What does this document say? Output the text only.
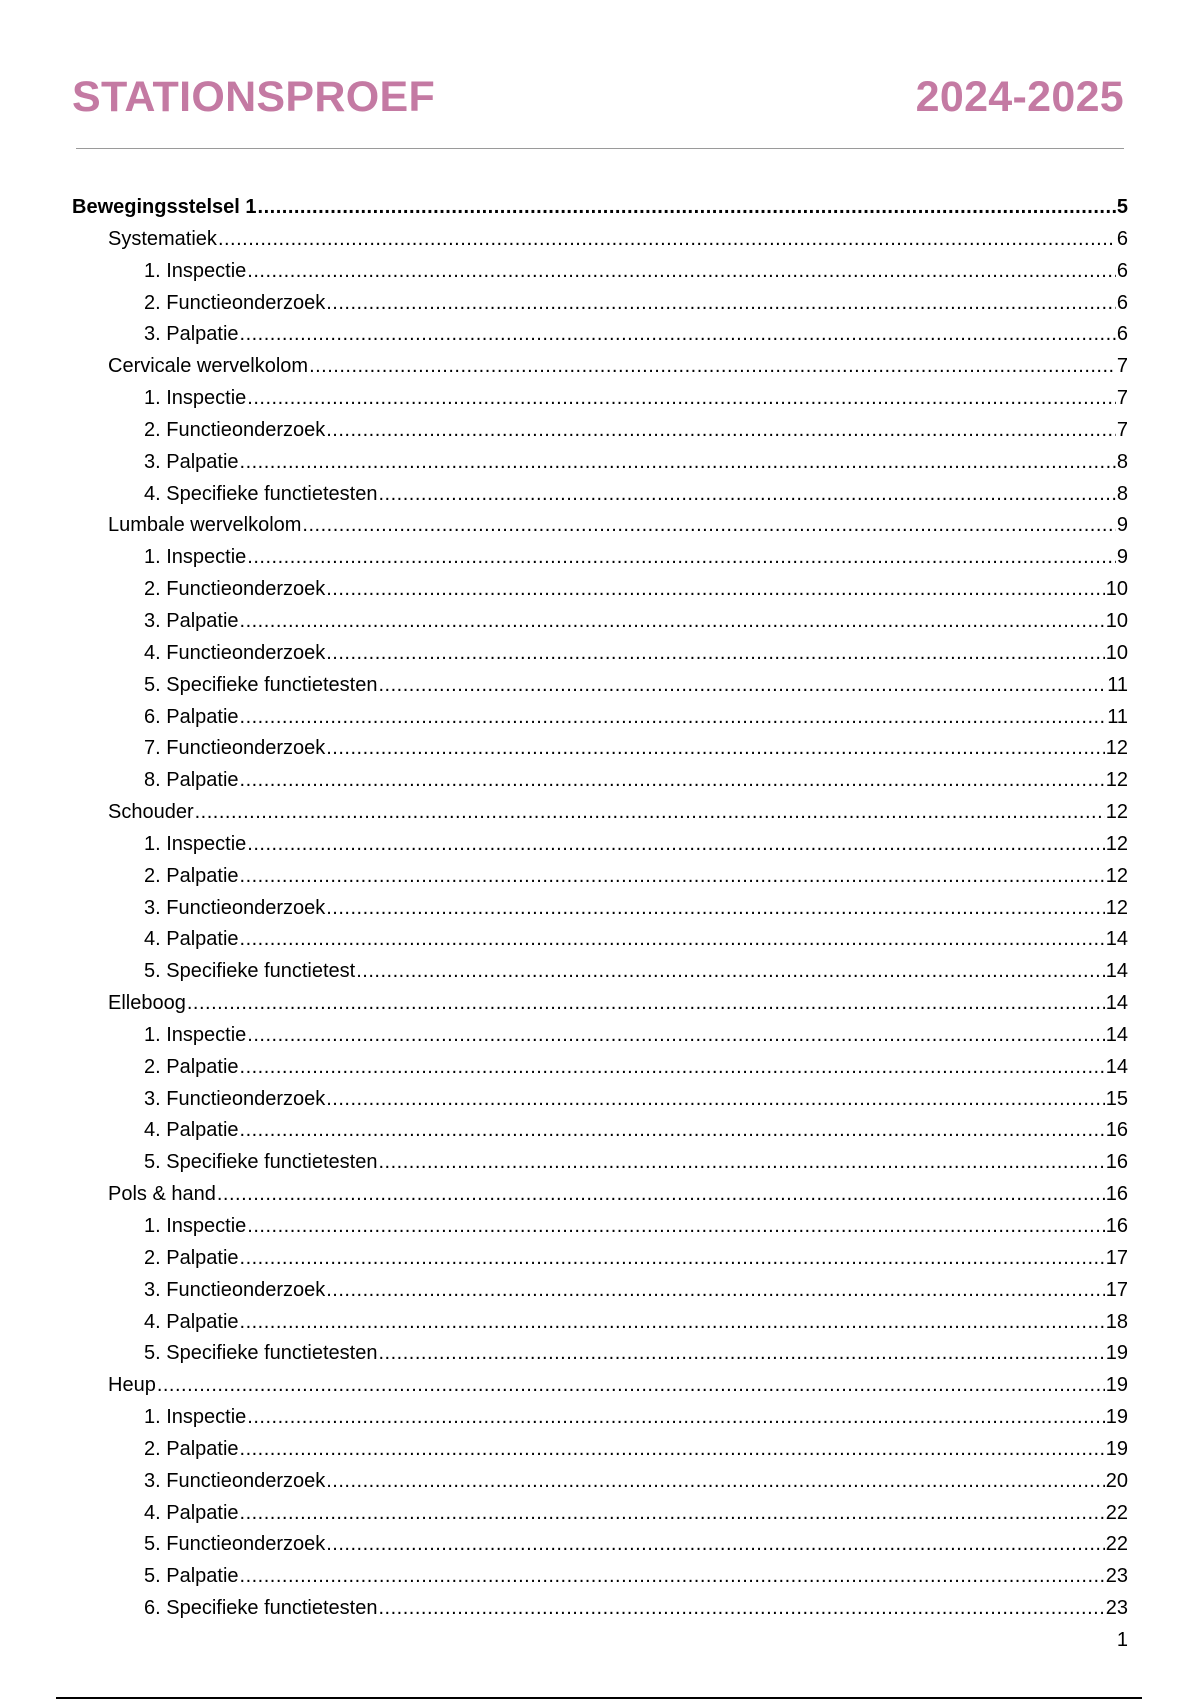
STATIONSPROEF	2024-2025
Bewegingsstelsel 1 .....	5
Systematiek .....	6
1. Inspectie .....	6
2. Functieonderzoek .....	6
3. Palpatie .....	6
Cervicale wervelkolom .....	7
1. Inspectie .....	7
2. Functieonderzoek .....	7
3. Palpatie .....	8
4. Specifieke functietesten .....	8
Lumbale wervelkolom .....	9
1. Inspectie .....	9
2. Functieonderzoek .....	10
3. Palpatie .....	10
4. Functieonderzoek .....	10
5. Specifieke functietesten .....	11
6. Palpatie .....	11
7. Functieonderzoek .....	12
8. Palpatie .....	12
Schouder .....	12
1. Inspectie .....	12
2. Palpatie .....	12
3. Functieonderzoek .....	12
4. Palpatie .....	14
5. Specifieke functietest .....	14
Elleboog .....	14
1. Inspectie .....	14
2. Palpatie .....	14
3. Functieonderzoek .....	15
4. Palpatie .....	16
5. Specifieke functietesten .....	16
Pols & hand .....	16
1. Inspectie .....	16
2. Palpatie .....	17
3. Functieonderzoek .....	17
4. Palpatie .....	18
5. Specifieke functietesten .....	19
Heup .....	19
1. Inspectie .....	19
2. Palpatie .....	19
3. Functieonderzoek .....	20
4. Palpatie .....	22
5. Functieonderzoek .....	22
5. Palpatie .....	23
6. Specifieke functietesten .....	23
1
